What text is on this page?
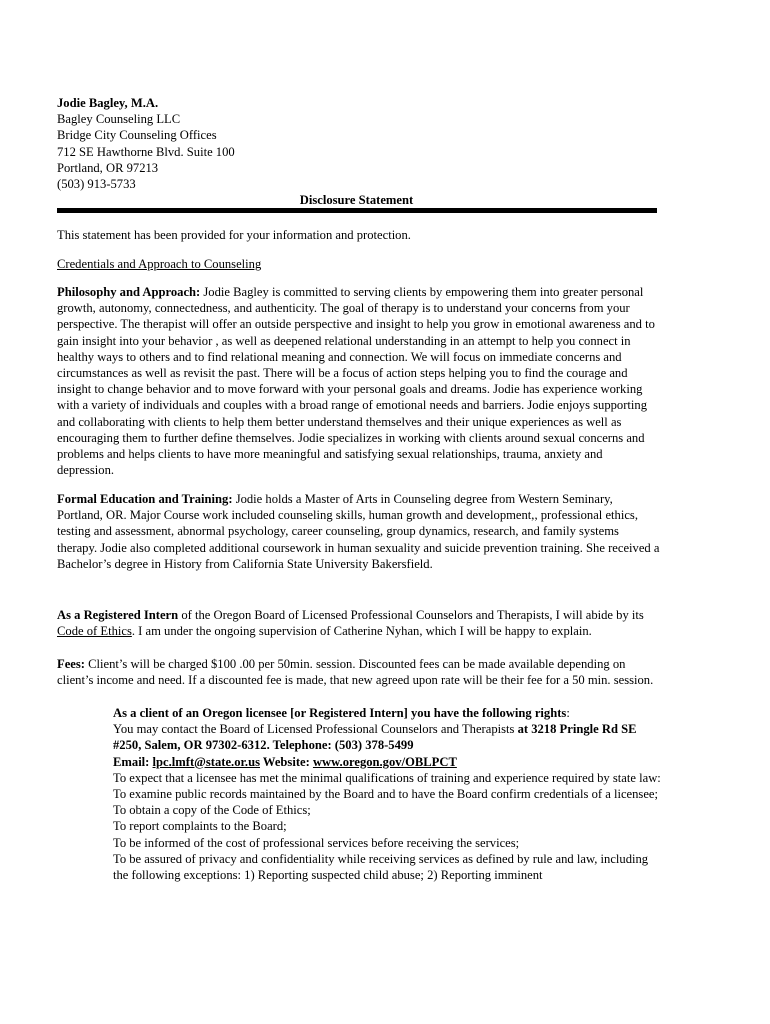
Jodie Bagley, M.A.
Bagley Counseling LLC
Bridge City Counseling Offices
712 SE Hawthorne Blvd. Suite 100
Portland, OR 97213
(503) 913-5733
Disclosure Statement

This statement has been provided for your information and protection.

Credentials and Approach to Counseling

Philosophy and Approach: Jodie Bagley is committed to serving clients by empowering them into greater personal growth, autonomy, connectedness, and authenticity. The goal of therapy is to understand your concerns from your perspective. The therapist will offer an outside perspective and insight to help you grow in emotional awareness and to gain insight into your behavior , as well as deepened relational understanding in an attempt to help you connect in healthy ways to others and to find relational meaning and connection. We will focus on immediate concerns and circumstances as well as revisit the past. There will be a focus of action steps helping you to find the courage and insight to change behavior and to move forward with your personal goals and dreams. Jodie has experience working with a variety of individuals and couples with a broad range of emotional needs and barriers. Jodie enjoys supporting and collaborating with clients to help them better understand themselves and their unique experiences as well as encouraging them to further define themselves. Jodie specializes in working with clients around sexual concerns and problems and helps clients to have more meaningful and satisfying sexual relationships, trauma, anxiety and depression.

Formal Education and Training: Jodie holds a Master of Arts in Counseling degree from Western Seminary, Portland, OR. Major Course work included counseling skills, human growth and development,, professional ethics, testing and assessment, abnormal psychology, career counseling, group dynamics, research, and family systems therapy. Jodie also completed additional coursework in human sexuality and suicide prevention training. She received a Bachelor’s degree in History from California State University Bakersfield.

As a Registered Intern of the Oregon Board of Licensed Professional Counselors and Therapists, I will abide by its Code of Ethics. I am under the ongoing supervision of Catherine Nyhan, which I will be happy to explain.

Fees: Client’s will be charged $100 .00 per 50min. session. Discounted fees can be made available depending on client’s income and need. If a discounted fee is made, that new agreed upon rate will be their fee for a 50 min. session.

As a client of an Oregon licensee [or Registered Intern] you have the following rights:

You may contact the Board of Licensed Professional Counselors and Therapists at 3218 Pringle Rd SE #250, Salem, OR 97302-6312. Telephone: (503) 378-5499

Email: lpc.lmft@state.or.us Website: www.oregon.gov/OBLPCT

To expect that a licensee has met the minimal qualifications of training and experience required by state law:

To examine public records maintained by the Board and to have the Board confirm credentials of a licensee;

To obtain a copy of the Code of Ethics;

To report complaints to the Board;

To be informed of the cost of professional services before receiving the services;

To be assured of privacy and confidentiality while receiving services as defined by rule and law, including the following exceptions: 1) Reporting suspected child abuse; 2) Reporting imminent
